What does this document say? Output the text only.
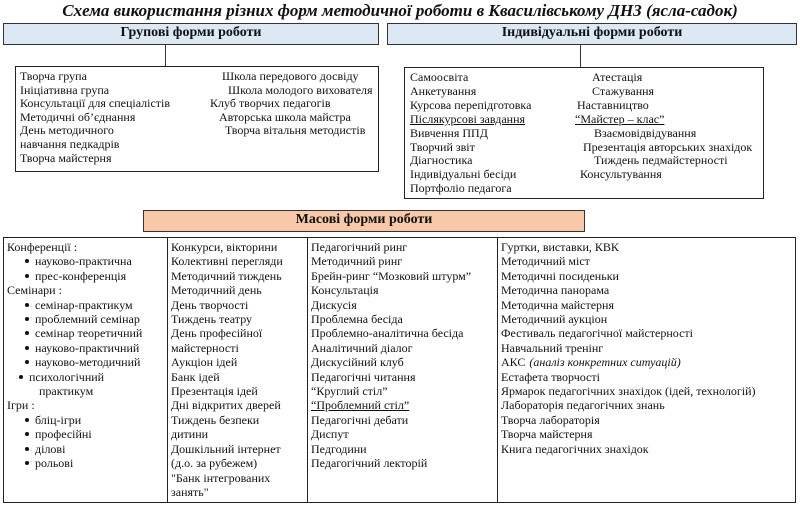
Схема використання різних форм методичної роботи в Квасилівському ДНЗ (ясла-садок)
Групові форми роботи	Індивідуальні форми роботи
Творча група
Ініціативна група
Консультації для спеціалістів
Методичні об’єднання
День методичного
навчання педкадрів
Творча майстерня
Школа передового досвіду
Школа молодого вихователя
Клуб творчих педагогів
Авторська школа майстра
Творча вітальня методистів
Самоосвіта
Анкетування
Курсова перепідготовка
Післякурсові завдання
Вивчення ППД
Творчий звіт
Діагностика
Індивідуальні бесіди
Портфоліо педагога
Атестація
Стажування
Наставництво
“Майстер – клас”
Взаємовідвідування
Презентація авторських знахідок
Тиждень педмайстерності
Консультування
Масові форми роботи
Конференції :
науково-практична
прес-конференція
Семінари :
семінар-практикум
проблемний семінар
семінар теоретичний
науково-практичний
науково-методичний
психологічний
практикум
Ігри :
бліц-ігри
професійні
ділові
рольові
Конкурси, вікторини
Колективні перегляди
Методичний тиждень
Методичний день
День творчості
Тиждень театру
День професійної
майстерності
Аукціон ідей
Банк ідей
Презентація ідей
Дні відкритих дверей
Тиждень безпеки
дитини
Дошкільний інтернет
(д.о. за рубежем)
"Банк інтегрованих
занять"
Педагогічний ринг
Методичний ринг
Брейн-ринг “Мозковий штурм”
Консультація
Дискусія
Проблемна бесіда
Проблемно-аналітична бесіда
Аналітичний діалог
Дискусійний клуб
Педагогічні читання
“Круглий стіл”
“Проблемний стіл”
Педагогічні дебати
Диспут
Педгодини
Педагогічний лекторій
Гуртки, виставки, КВК
Методичний міст
Методичні посиденьки
Методична панорама
Методична майстерня
Методичний аукціон
Фестиваль педагогічної майстерності
Навчальний тренінг
АКС (аналіз конкретних ситуацій)
Естафета творчості
Ярмарок педагогічних знахідок (ідей, технологій)
Лабораторія педагогічних знань
Творча лабораторія
Творча майстерня
Книга педагогічних знахідок
